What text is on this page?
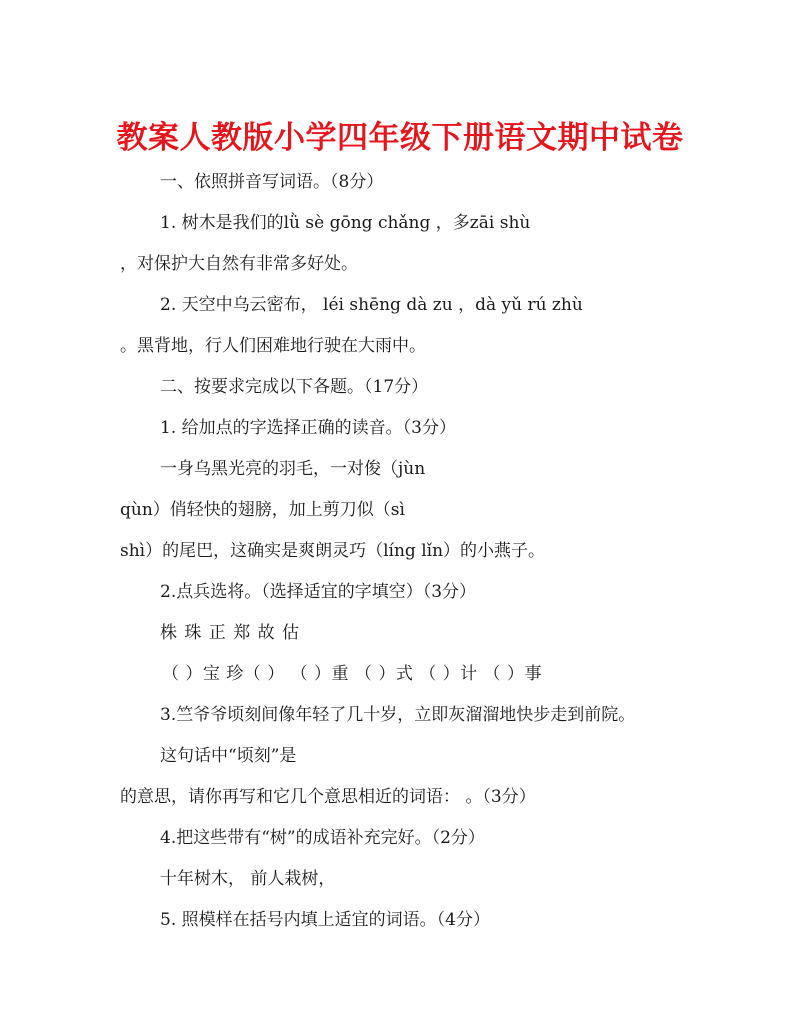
教案人教版小学四年级下册语文期中试卷

一、依照拼音写词语。（8分）

1. 树木是我们的lǜ sè gōng chǎng ，多zāi shù

，对保护大自然有非常多好处。

2. 天空中乌云密布， léi shēng dà zu ，dà yǔ rú zhù

。黑背地，行人们困难地行驶在大雨中。

二、按要求完成以下各题。（17分）

1. 给加点的字选择正确的读音。（3分）

一身乌黑光亮的羽毛，一对俊（jùn

qùn）俏轻快的翅膀，加上剪刀似（sì

shì）的尾巴，这确实是爽朗灵巧（líng lǐn）的小燕子。

2.点兵选将。（选择适宜的字填空）（3分）

株 珠 正 郑 故 估

（ ）宝 珍（ ） （ ）重 （ ）式 （ ）计 （ ）事

3.竺爷爷顷刻间像年轻了几十岁，立即灰溜溜地快步走到前院。

这句话中“顷刻”是

的意思，请你再写和它几个意思相近的词语： 。（3分）

4.把这些带有“树”的成语补充完好。（2分）

十年树木， 前人栽树，

5. 照模样在括号内填上适宜的词语。（4分）
